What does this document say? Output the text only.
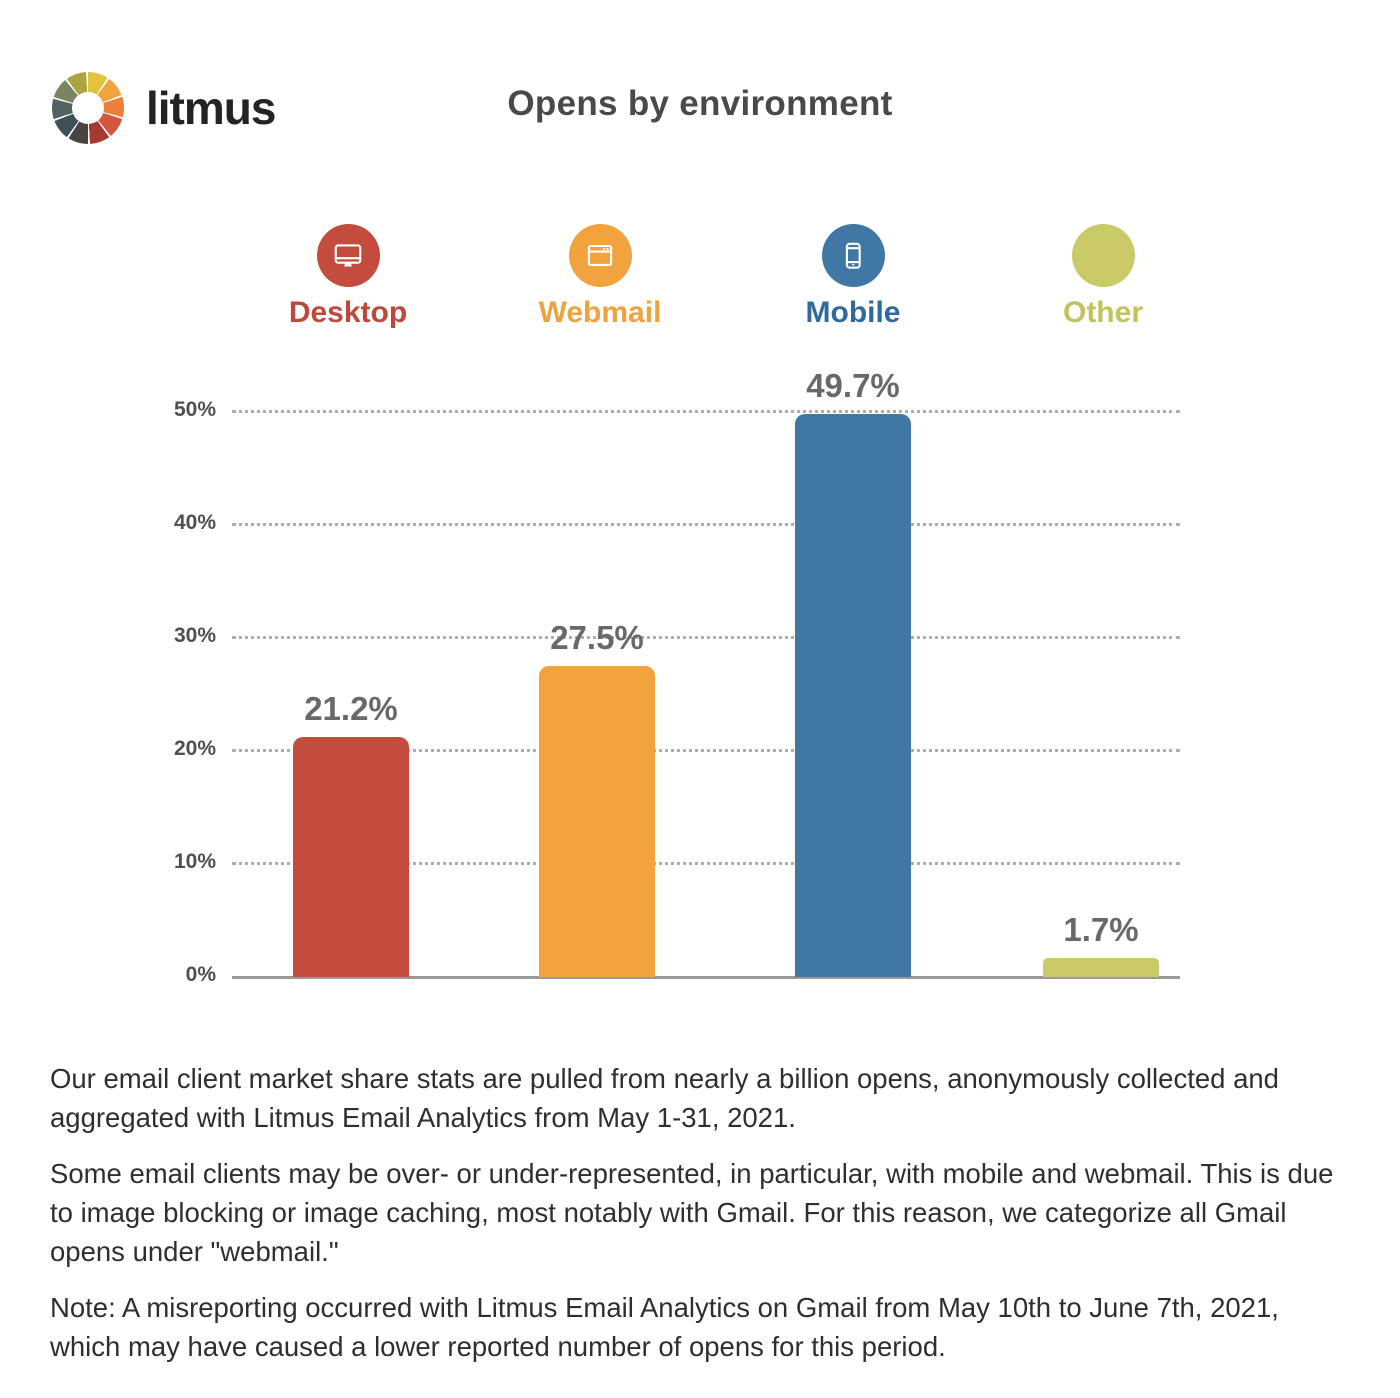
litmus	Opens by environment
Desktop	Webmail	Mobile	Other
50%
40%
30%
20%
10%
0%
21.2%
27.5%
49.7%
1.7%

Our email client market share stats are pulled from nearly a billion opens, anonymously collected and aggregated with Litmus Email Analytics from May 1-31, 2021.

Some email clients may be over- or under-represented, in particular, with mobile and webmail. This is due to image blocking or image caching, most notably with Gmail. For this reason, we categorize all Gmail opens under "webmail."

Note: A misreporting occurred with Litmus Email Analytics on Gmail from May 10th to June 7th, 2021, which may have caused a lower reported number of opens for this period.
